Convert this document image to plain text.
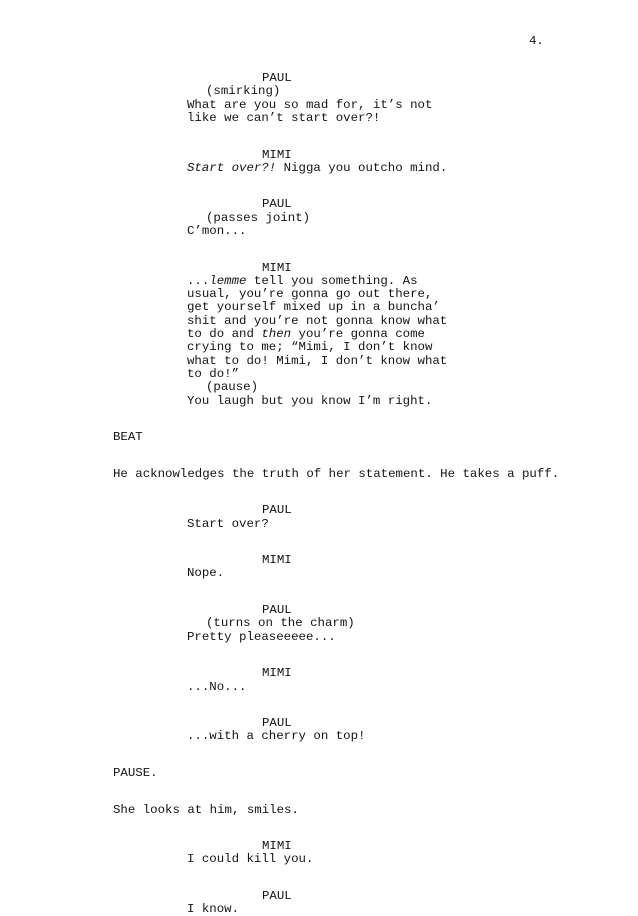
4.
PAUL
(smirking)
What are you so mad for, it’s not
like we can’t start over?!
MIMI
Start over?! Nigga you outcho mind.
PAUL
(passes joint)
C’mon...
MIMI
...lemme tell you something. As
usual, you’re gonna go out there,
get yourself mixed up in a buncha’
shit and you’re not gonna know what
to do and then you’re gonna come
crying to me; “Mimi, I don’t know
what to do! Mimi, I don’t know what
to do!”
(pause)
You laugh but you know I’m right.
BEAT
He acknowledges the truth of her statement. He takes a puff.
PAUL
Start over?
MIMI
Nope.
PAUL
(turns on the charm)
Pretty pleaseeeee...
MIMI
...No...
PAUL
...with a cherry on top!
PAUSE.
She looks at him, smiles.
MIMI
I could kill you.
PAUL
I know.
